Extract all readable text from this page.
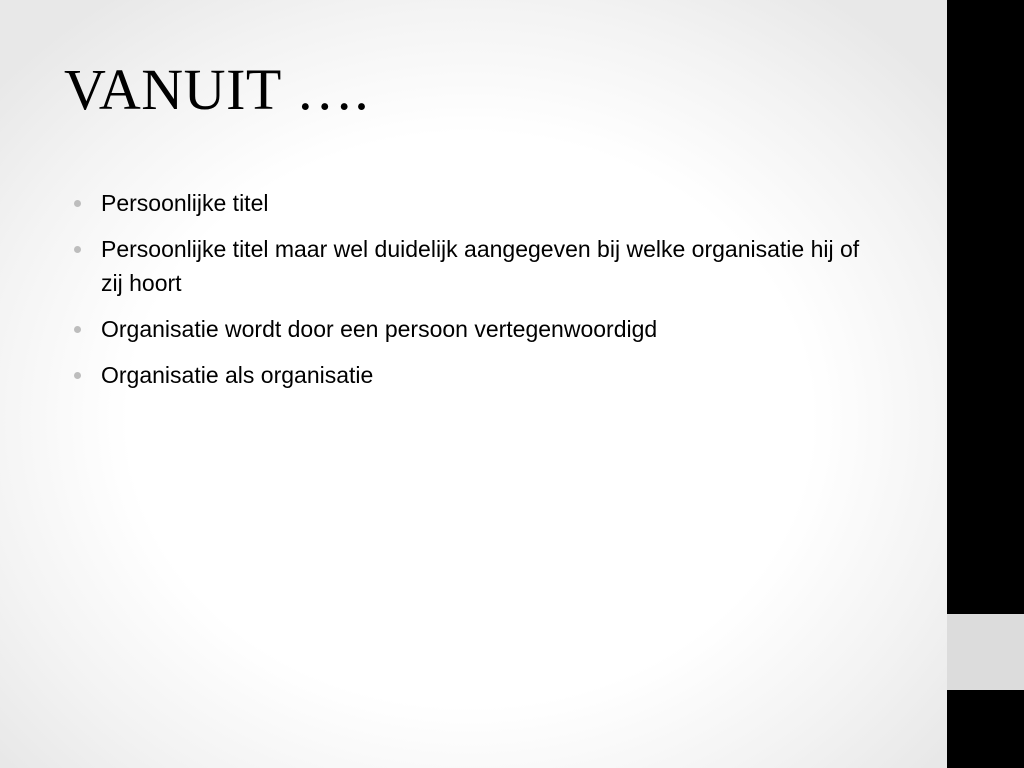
VANUIT ….
Persoonlijke titel
Persoonlijke titel maar wel duidelijk aangegeven bij welke organisatie hij of zij hoort
Organisatie wordt door een persoon vertegenwoordigd
Organisatie als organisatie
